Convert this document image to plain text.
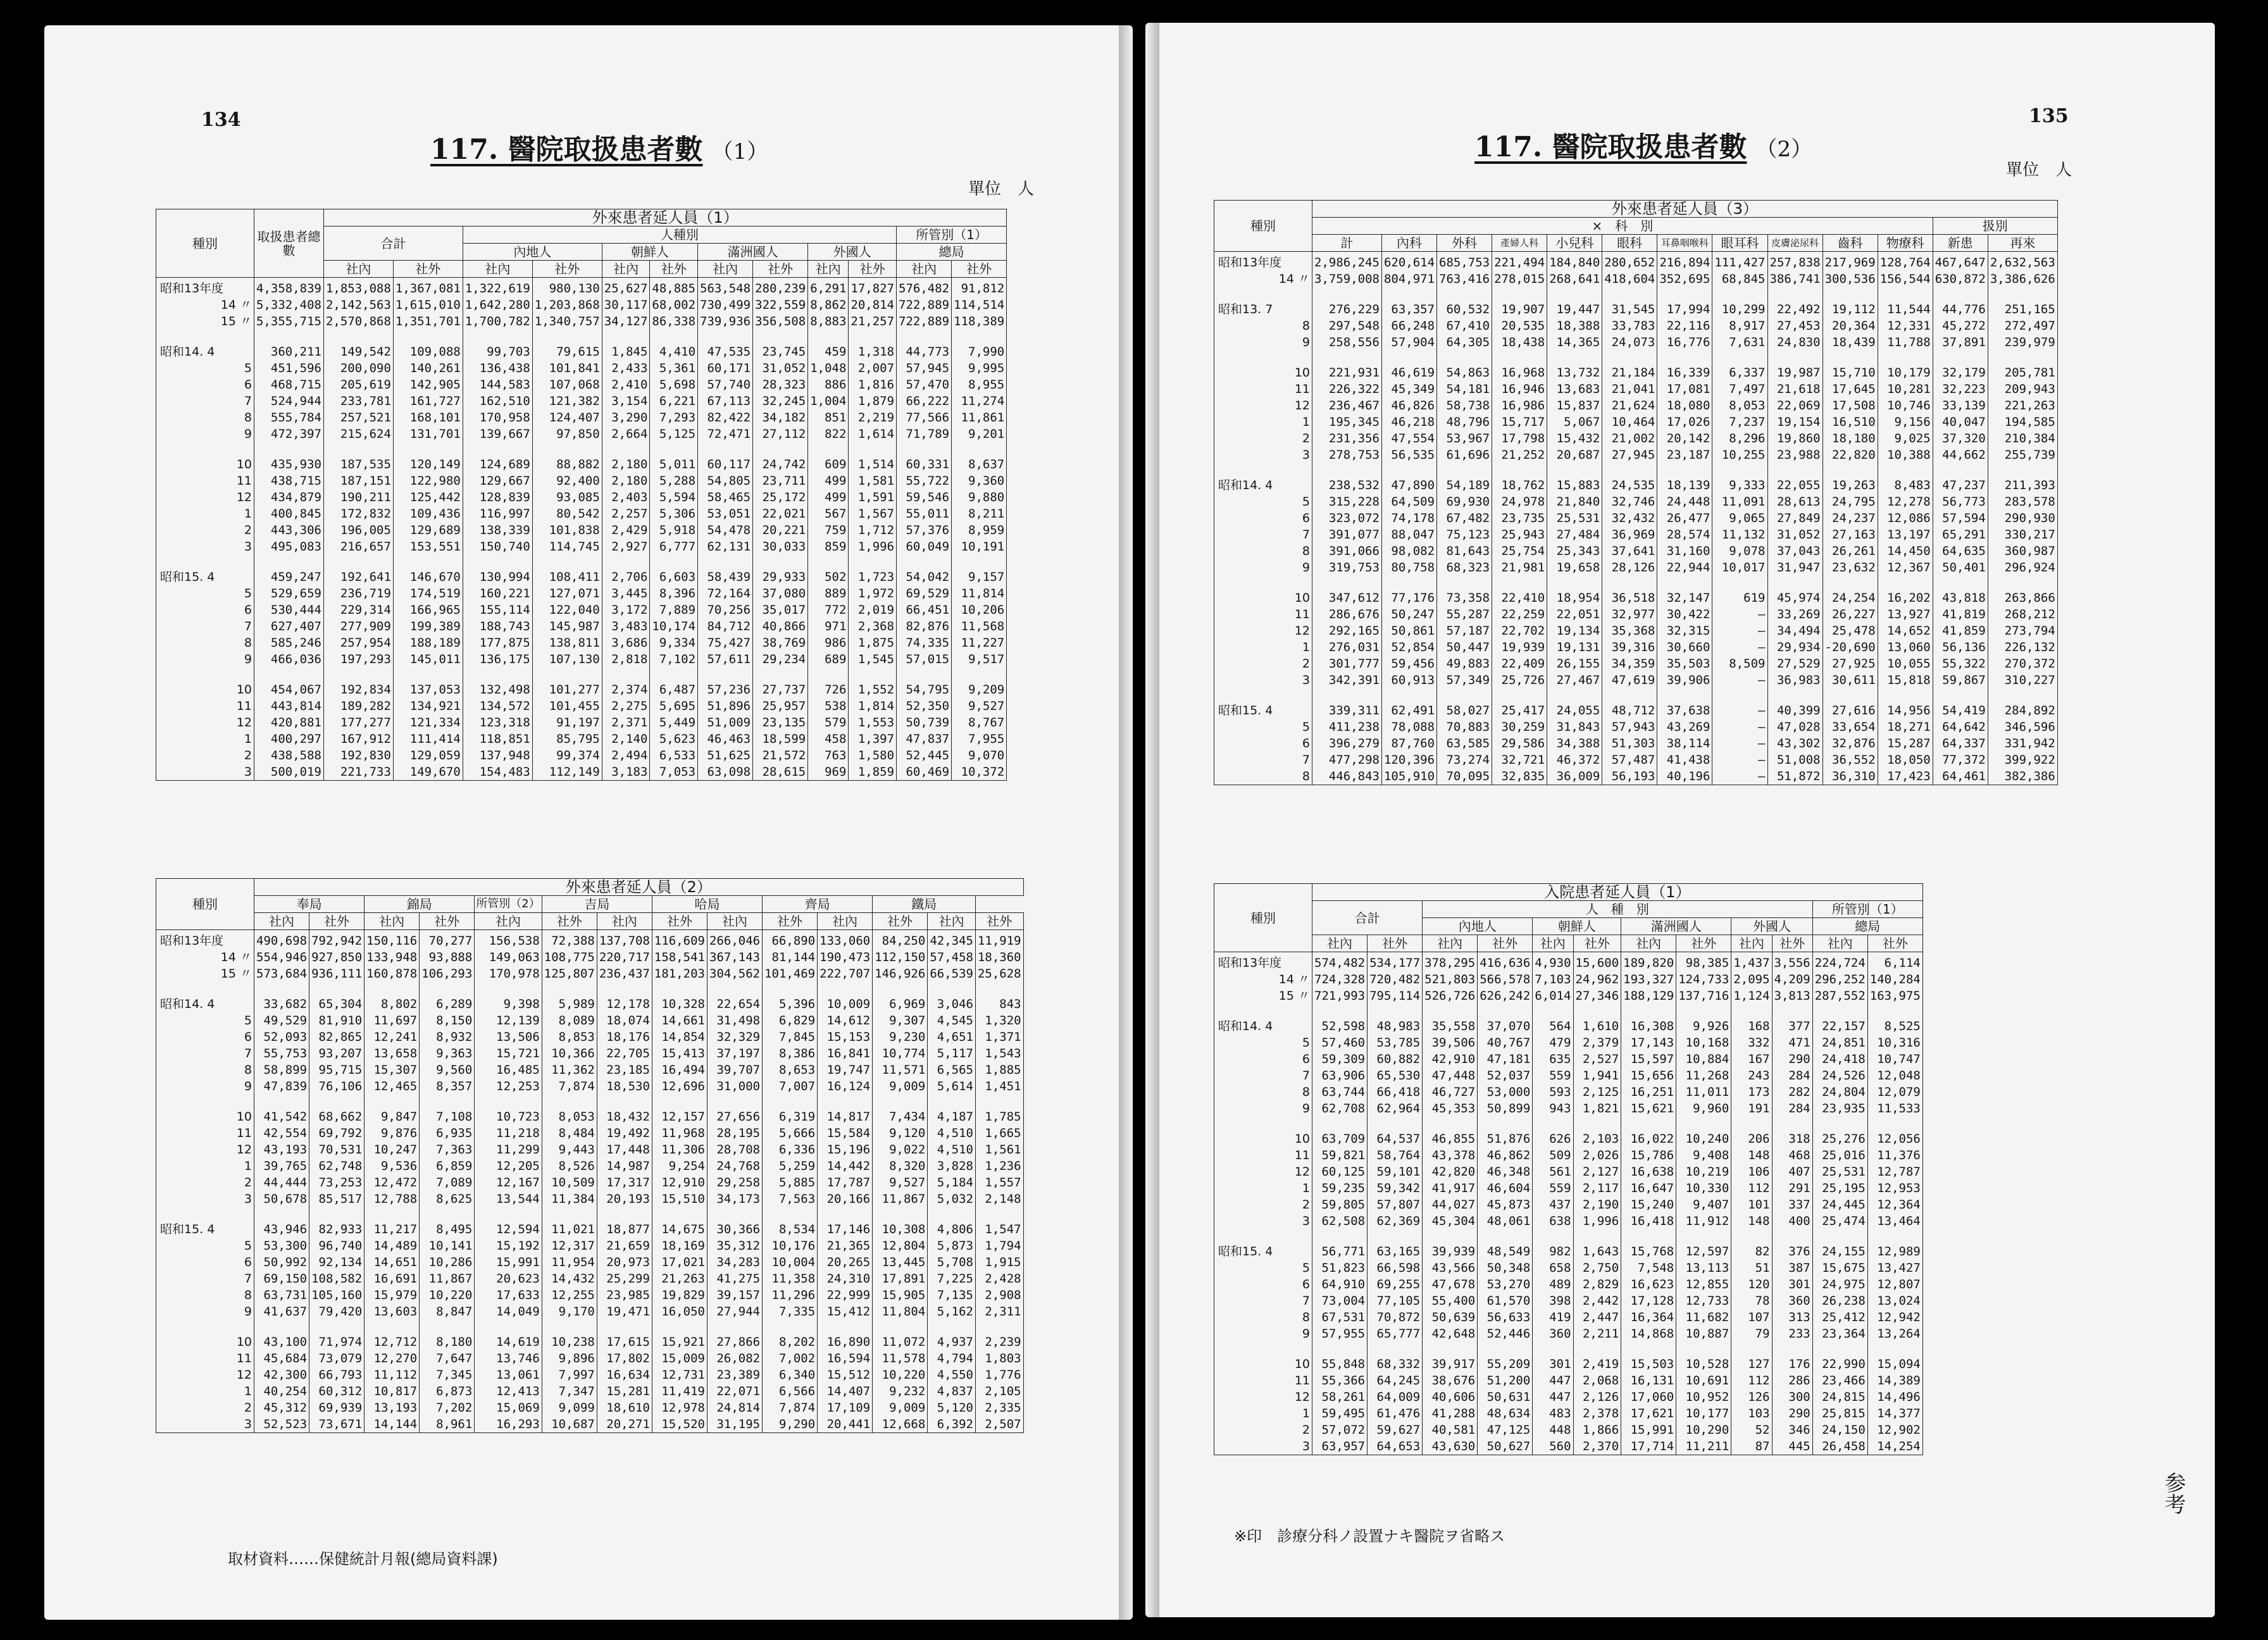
134
117. 醫院取扱患者數 （1）
單位　人
種別	取扱患者總數	外來患者延人員（1）											
		合計		人種別								所管別（1）	
				內地人		朝鮮人		滿洲國人		外國人		總局	
		社內	社外	社內	社外	社內	社外	社內	社外	社內	社外	社內	社外
昭和13年度	4,358,839	1,853,088	1,367,081	1,322,619	980,130	25,627	48,885	563,548	280,239	6,291	17,827	576,482	91,812
14 〃	5,332,408	2,142,563	1,615,010	1,642,280	1,203,868	30,117	68,002	730,499	322,559	8,862	20,814	722,889	114,514
15 〃	5,355,715	2,570,868	1,351,701	1,700,782	1,340,757	34,127	86,338	739,936	356,508	8,883	21,257	722,889	118,389

昭和14. 4	360,211	149,542	109,088	99,703	79,615	1,845	4,410	47,535	23,745	459	1,318	44,773	7,990
5	451,596	200,090	140,261	136,438	101,841	2,433	5,361	60,171	31,052	1,048	2,007	57,945	9,995
6	468,715	205,619	142,905	144,583	107,068	2,410	5,698	57,740	28,323	886	1,816	57,470	8,955
7	524,944	233,781	161,727	162,510	121,382	3,154	6,221	67,113	32,245	1,004	1,879	66,222	11,274
8	555,784	257,521	168,101	170,958	124,407	3,290	7,293	82,422	34,182	851	2,219	77,566	11,861
9	472,397	215,624	131,701	139,667	97,850	2,664	5,125	72,471	27,112	822	1,614	71,789	9,201

10	435,930	187,535	120,149	124,689	88,882	2,180	5,011	60,117	24,742	609	1,514	60,331	8,637
11	438,715	187,151	122,980	129,667	92,400	2,180	5,288	54,805	23,711	499	1,581	55,722	9,360
12	434,879	190,211	125,442	128,839	93,085	2,403	5,594	58,465	25,172	499	1,591	59,546	9,880
1	400,845	172,832	109,436	116,997	80,542	2,257	5,306	53,051	22,021	567	1,567	55,011	8,211
2	443,306	196,005	129,689	138,339	101,838	2,429	5,918	54,478	20,221	759	1,712	57,376	8,959
3	495,083	216,657	153,551	150,740	114,745	2,927	6,777	62,131	30,033	859	1,996	60,049	10,191

昭和15. 4	459,247	192,641	146,670	130,994	108,411	2,706	6,603	58,439	29,933	502	1,723	54,042	9,157
5	529,659	236,719	174,519	160,221	127,071	3,445	8,396	72,164	37,080	889	1,972	69,529	11,814
6	530,444	229,314	166,965	155,114	122,040	3,172	7,889	70,256	35,017	772	2,019	66,451	10,206
7	627,407	277,909	199,389	188,743	145,987	3,483	10,174	84,712	40,866	971	2,368	82,876	11,568
8	585,246	257,954	188,189	177,875	138,811	3,686	9,334	75,427	38,769	986	1,875	74,335	11,227
9	466,036	197,293	145,011	136,175	107,130	2,818	7,102	57,611	29,234	689	1,545	57,015	9,517

10	454,067	192,834	137,053	132,498	101,277	2,374	6,487	57,236	27,737	726	1,552	54,795	9,209
11	443,814	189,282	134,921	134,572	101,455	2,275	5,695	51,896	25,957	538	1,814	52,350	9,527
12	420,881	177,277	121,334	123,318	91,197	2,371	5,449	51,009	23,135	579	1,553	50,739	8,767
1	400,297	167,912	111,414	118,851	85,795	2,140	5,623	46,463	18,599	458	1,397	47,837	7,955
2	438,588	192,830	129,059	137,948	99,374	2,494	6,533	51,625	21,572	763	1,580	52,445	9,070
3	500,019	221,733	149,670	154,483	112,149	3,183	7,053	63,098	28,615	969	1,859	60,469	10,372
種別	外來患者延人員（2）													
	奉局		錦局		所管別（2）	吉局		哈局		齊局		鐵局		
	社內	社外	社內	社外	社內	社外	社內	社外	社內	社外	社內	社外	社內	社外
昭和13年度	490,698	792,942	150,116	70,277	156,538	72,388	137,708	116,609	266,046	66,890	133,060	84,250	42,345	11,919
14 〃	554,946	927,850	133,948	93,888	149,063	108,775	220,717	158,541	367,143	81,144	190,473	112,150	57,458	18,360
15 〃	573,684	936,111	160,878	106,293	170,978	125,807	236,437	181,203	304,562	101,469	222,707	146,926	66,539	25,628

昭和14. 4	33,682	65,304	8,802	6,289	9,398	5,989	12,178	10,328	22,654	5,396	10,009	6,969	3,046	843
5	49,529	81,910	11,697	8,150	12,139	8,089	18,074	14,661	31,498	6,829	14,612	9,307	4,545	1,320
6	52,093	82,865	12,241	8,932	13,506	8,853	18,176	14,854	32,329	7,845	15,153	9,230	4,651	1,371
7	55,753	93,207	13,658	9,363	15,721	10,366	22,705	15,413	37,197	8,386	16,841	10,774	5,117	1,543
8	58,899	95,715	15,307	9,560	16,485	11,362	23,185	16,494	39,707	8,653	19,747	11,571	6,565	1,885
9	47,839	76,106	12,465	8,357	12,253	7,874	18,530	12,696	31,000	7,007	16,124	9,009	5,614	1,451

10	41,542	68,662	9,847	7,108	10,723	8,053	18,432	12,157	27,656	6,319	14,817	7,434	4,187	1,785
11	42,554	69,792	9,876	6,935	11,218	8,484	19,492	11,968	28,195	5,666	15,584	9,120	4,510	1,665
12	43,193	70,531	10,247	7,363	11,299	9,443	17,448	11,306	28,708	6,336	15,196	9,022	4,510	1,561
1	39,765	62,748	9,536	6,859	12,205	8,526	14,987	9,254	24,768	5,259	14,442	8,320	3,828	1,236
2	44,444	73,253	12,472	7,089	12,167	10,509	17,317	12,910	29,258	5,885	17,787	9,527	5,184	1,557
3	50,678	85,517	12,788	8,625	13,544	11,384	20,193	15,510	34,173	7,563	20,166	11,867	5,032	2,148

昭和15. 4	43,946	82,933	11,217	8,495	12,594	11,021	18,877	14,675	30,366	8,534	17,146	10,308	4,806	1,547
5	53,300	96,740	14,489	10,141	15,192	12,317	21,659	18,169	35,312	10,176	21,365	12,804	5,873	1,794
6	50,992	92,134	14,651	10,286	15,991	11,954	20,973	17,021	34,283	10,004	20,265	13,445	5,708	1,915
7	69,150	108,582	16,691	11,867	20,623	14,432	25,299	21,263	41,275	11,358	24,310	17,891	7,225	2,428
8	63,731	105,160	15,979	10,220	17,633	12,255	23,985	19,829	39,157	11,296	22,999	15,905	7,135	2,908
9	41,637	79,420	13,603	8,847	14,049	9,170	19,471	16,050	27,944	7,335	15,412	11,804	5,162	2,311

10	43,100	71,974	12,712	8,180	14,619	10,238	17,615	15,921	27,866	8,202	16,890	11,072	4,937	2,239
11	45,684	73,079	12,270	7,647	13,746	9,896	17,802	15,009	26,082	7,002	16,594	11,578	4,794	1,803
12	42,300	66,793	11,112	7,345	13,061	7,997	16,634	12,731	23,389	6,340	15,512	10,220	4,550	1,776
1	40,254	60,312	10,817	6,873	12,413	7,347	15,281	11,419	22,071	6,566	14,407	9,232	4,837	2,105
2	45,312	69,939	13,193	7,202	15,069	9,099	18,610	12,978	24,814	7,874	17,109	9,009	5,120	2,335
3	52,523	73,671	14,144	8,961	16,293	10,687	20,271	15,520	31,195	9,290	20,441	12,668	6,392	2,507
取材資料……保健統計月報(總局資料課)
135
117. 醫院取扱患者數 （2）
單位　人
種別	外來患者延人員（3）												
	×　科　別											扱別	
	計	內科	外科	產婦人科	小兒科	眼科	耳鼻咽喉科	眼耳科	皮膚泌尿科	齒科	物療科	新患	再來
昭和13年度	2,986,245	620,614	685,753	221,494	184,840	280,652	216,894	111,427	257,838	217,969	128,764	467,647	2,632,563
14 〃	3,759,008	804,971	763,416	278,015	268,641	418,604	352,695	68,845	386,741	300,536	156,544	630,872	3,386,626

昭和13. 7	276,229	63,357	60,532	19,907	19,447	31,545	17,994	10,299	22,492	19,112	11,544	44,776	251,165
8	297,548	66,248	67,410	20,535	18,388	33,783	22,116	8,917	27,453	20,364	12,331	45,272	272,497
9	258,556	57,904	64,305	18,438	14,365	24,073	16,776	7,631	24,830	18,439	11,788	37,891	239,979

10	221,931	46,619	54,863	16,968	13,732	21,184	16,339	6,337	19,987	15,710	10,179	32,179	205,781
11	226,322	45,349	54,181	16,946	13,683	21,041	17,081	7,497	21,618	17,645	10,281	32,223	209,943
12	236,467	46,826	58,738	16,986	15,837	21,624	18,080	8,053	22,069	17,508	10,746	33,139	221,263
1	195,345	46,218	48,796	15,717	5,067	10,464	17,026	7,237	19,154	16,510	9,156	40,047	194,585
2	231,356	47,554	53,967	17,798	15,432	21,002	20,142	8,296	19,860	18,180	9,025	37,320	210,384
3	278,753	56,535	61,696	21,252	20,687	27,945	23,187	10,255	23,988	22,820	10,388	44,662	255,739

昭和14. 4	238,532	47,890	54,189	18,762	15,883	24,535	18,139	9,333	22,055	19,263	8,483	47,237	211,393
5	315,228	64,509	69,930	24,978	21,840	32,746	24,448	11,091	28,613	24,795	12,278	56,773	283,578
6	323,072	74,178	67,482	23,735	25,531	32,432	26,477	9,065	27,849	24,237	12,086	57,594	290,930
7	391,077	88,047	75,123	25,943	27,484	36,969	28,574	11,132	31,052	27,163	13,197	65,291	330,217
8	391,066	98,082	81,643	25,754	25,343	37,641	31,160	9,078	37,043	26,261	14,450	64,635	360,987
9	319,753	80,758	68,323	21,981	19,658	28,126	22,944	10,017	31,947	23,632	12,367	50,401	296,924

10	347,612	77,176	73,358	22,410	18,954	36,518	32,147	619	45,974	24,254	16,202	43,818	263,866
11	286,676	50,247	55,287	22,259	22,051	32,977	30,422	—	33,269	26,227	13,927	41,819	268,212
12	292,165	50,861	57,187	22,702	19,134	35,368	32,315	—	34,494	25,478	14,652	41,859	273,794
1	276,031	52,854	50,447	19,939	19,131	39,316	30,660	—	29,934	-20,690	13,060	56,136	226,132
2	301,777	59,456	49,883	22,409	26,155	34,359	35,503	8,509	27,529	27,925	10,055	55,322	270,372
3	342,391	60,913	57,349	25,726	27,467	47,619	39,906	—	36,983	30,611	15,818	59,867	310,227

昭和15. 4	339,311	62,491	58,027	25,417	24,055	48,712	37,638	—	40,399	27,616	14,956	54,419	284,892
5	411,238	78,088	70,883	30,259	31,843	57,943	43,269	—	47,028	33,654	18,271	64,642	346,596
6	396,279	87,760	63,585	29,586	34,388	51,303	38,114	—	43,302	32,876	15,287	64,337	331,942
7	477,298	120,396	73,274	32,721	46,372	57,487	41,438	—	51,008	36,552	18,050	77,372	399,922
8	446,843	105,910	70,095	32,835	36,009	56,193	40,196	—	51,872	36,310	17,423	64,461	382,386
種別	入院患者延人員（1）											
	合計		人　種　別								所管別（1）	
			內地人		朝鮮人		滿洲國人		外國人		總局	
	社內	社外	社內	社外	社內	社外	社內	社外	社內	社外	社內	社外
昭和13年度	574,482	534,177	378,295	416,636	4,930	15,600	189,820	98,385	1,437	3,556	224,724	6,114
14 〃	724,328	720,482	521,803	566,578	7,103	24,962	193,327	124,733	2,095	4,209	296,252	140,284
15 〃	721,993	795,114	526,726	626,242	6,014	27,346	188,129	137,716	1,124	3,813	287,552	163,975

昭和14. 4	52,598	48,983	35,558	37,070	564	1,610	16,308	9,926	168	377	22,157	8,525
5	57,460	53,785	39,506	40,767	479	2,379	17,143	10,168	332	471	24,851	10,316
6	59,309	60,882	42,910	47,181	635	2,527	15,597	10,884	167	290	24,418	10,747
7	63,906	65,530	47,448	52,037	559	1,941	15,656	11,268	243	284	24,526	12,048
8	63,744	66,418	46,727	53,000	593	2,125	16,251	11,011	173	282	24,804	12,079
9	62,708	62,964	45,353	50,899	943	1,821	15,621	9,960	191	284	23,935	11,533

10	63,709	64,537	46,855	51,876	626	2,103	16,022	10,240	206	318	25,276	12,056
11	59,821	58,764	43,378	46,862	509	2,026	15,786	9,408	148	468	25,016	11,376
12	60,125	59,101	42,820	46,348	561	2,127	16,638	10,219	106	407	25,531	12,787
1	59,235	59,342	41,917	46,604	559	2,117	16,647	10,330	112	291	25,195	12,953
2	59,805	57,807	44,027	45,873	437	2,190	15,240	9,407	101	337	24,445	12,364
3	62,508	62,369	45,304	48,061	638	1,996	16,418	11,912	148	400	25,474	13,464

昭和15. 4	56,771	63,165	39,939	48,549	982	1,643	15,768	12,597	82	376	24,155	12,989
5	51,823	66,598	43,566	50,348	658	2,750	7,548	13,113	51	387	15,675	13,427
6	64,910	69,255	47,678	53,270	489	2,829	16,623	12,855	120	301	24,975	12,807
7	73,004	77,105	55,400	61,570	398	2,442	17,128	12,733	78	360	26,238	13,024
8	67,531	70,872	50,639	56,633	419	2,447	16,364	11,682	107	313	25,412	12,942
9	57,955	65,777	42,648	52,446	360	2,211	14,868	10,887	79	233	23,364	13,264

10	55,848	68,332	39,917	55,209	301	2,419	15,503	10,528	127	176	22,990	15,094
11	55,366	64,245	38,676	51,200	447	2,068	16,131	10,691	112	286	23,466	14,389
12	58,261	64,009	40,606	50,631	447	2,126	17,060	10,952	126	300	24,815	14,496
1	59,495	61,476	41,288	48,634	483	2,378	17,621	10,177	103	290	25,815	14,377
2	57,072	59,627	40,581	47,125	448	1,866	15,991	10,290	52	346	24,150	12,902
3	63,957	64,653	43,630	50,627	560	2,370	17,714	11,211	87	445	26,458	14,254
※印　診療分科ノ設置ナキ醫院ヲ省略ス
参考
